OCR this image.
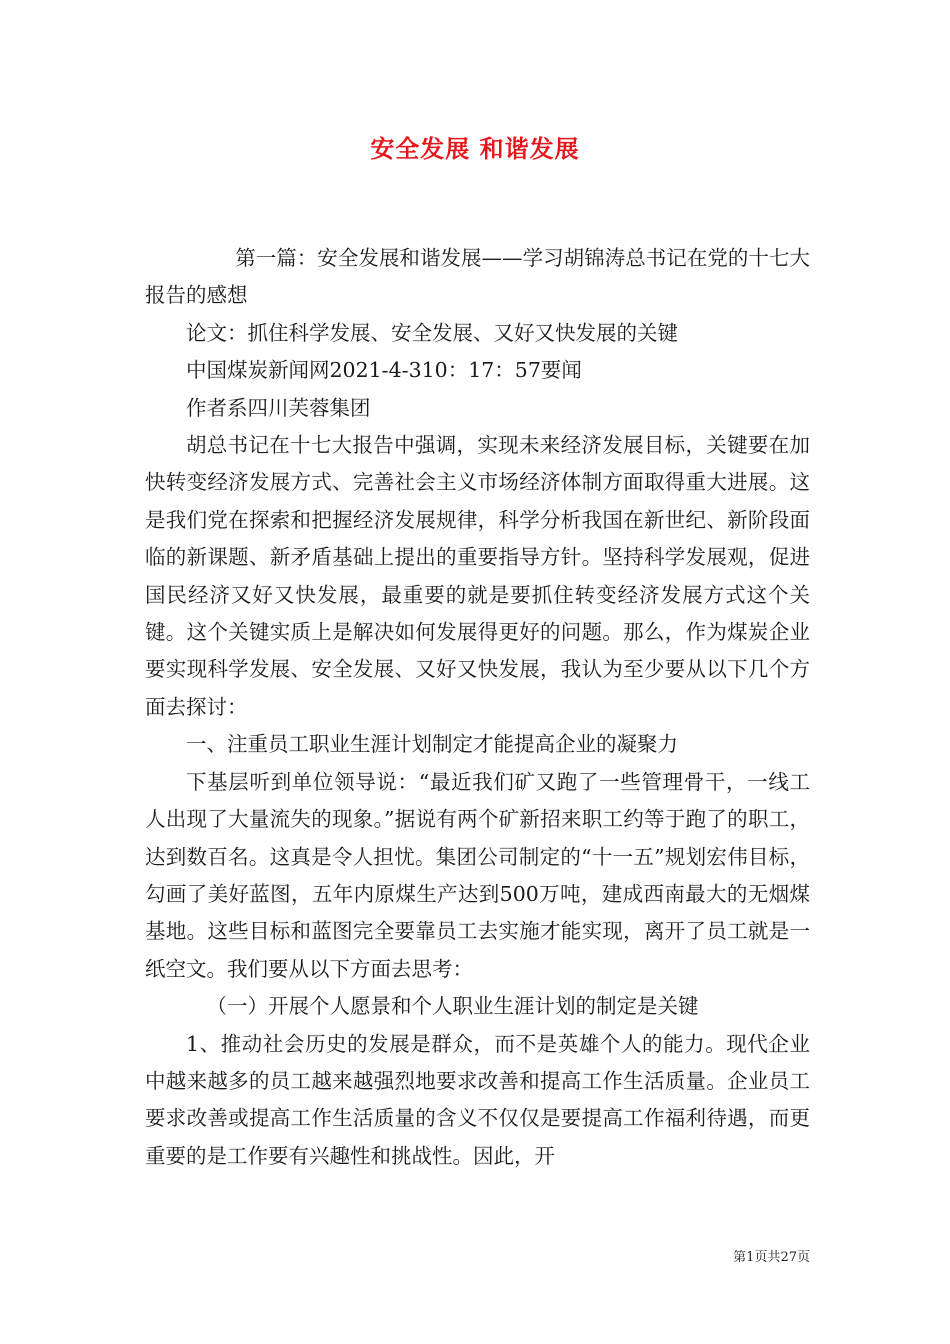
安全发展 和谐发展

第一篇：安全发展和谐发展——学习胡锦涛总书记在党的十七大报告的感想

论文：抓住科学发展、安全发展、又好又快发展的关键

中国煤炭新闻网2021-4-310：17：57要闻

作者系四川芙蓉集团

胡总书记在十七大报告中强调，实现未来经济发展目标，关键要在加快转变经济发展方式、完善社会主义市场经济体制方面取得重大进展。这是我们党在探索和把握经济发展规律，科学分析我国在新世纪、新阶段面临的新课题、新矛盾基础上提出的重要指导方针。坚持科学发展观，促进国民经济又好又快发展，最重要的就是要抓住转变经济发展方式这个关键。这个关键实质上是解决如何发展得更好的问题。那么，作为煤炭企业要实现科学发展、安全发展、又好又快发展，我认为至少要从以下几个方面去探讨：

一、注重员工职业生涯计划制定才能提高企业的凝聚力

下基层听到单位领导说：“最近我们矿又跑了一些管理骨干，一线工人出现了大量流失的现象。”据说有两个矿新招来职工约等于跑了的职工，达到数百名。这真是令人担忧。集团公司制定的“十一五”规划宏伟目标，勾画了美好蓝图，五年内原煤生产达到500万吨，建成西南最大的无烟煤基地。这些目标和蓝图完全要靠员工去实施才能实现，离开了员工就是一纸空文。我们要从以下方面去思考：

（一）开展个人愿景和个人职业生涯计划的制定是关键

1、推动社会历史的发展是群众，而不是英雄个人的能力。现代企业中越来越多的员工越来越强烈地要求改善和提高工作生活质量。企业员工要求改善或提高工作生活质量的含义不仅仅是要提高工作福利待遇，而更重要的是工作要有兴趣性和挑战性。因此，开

第1页共27页
